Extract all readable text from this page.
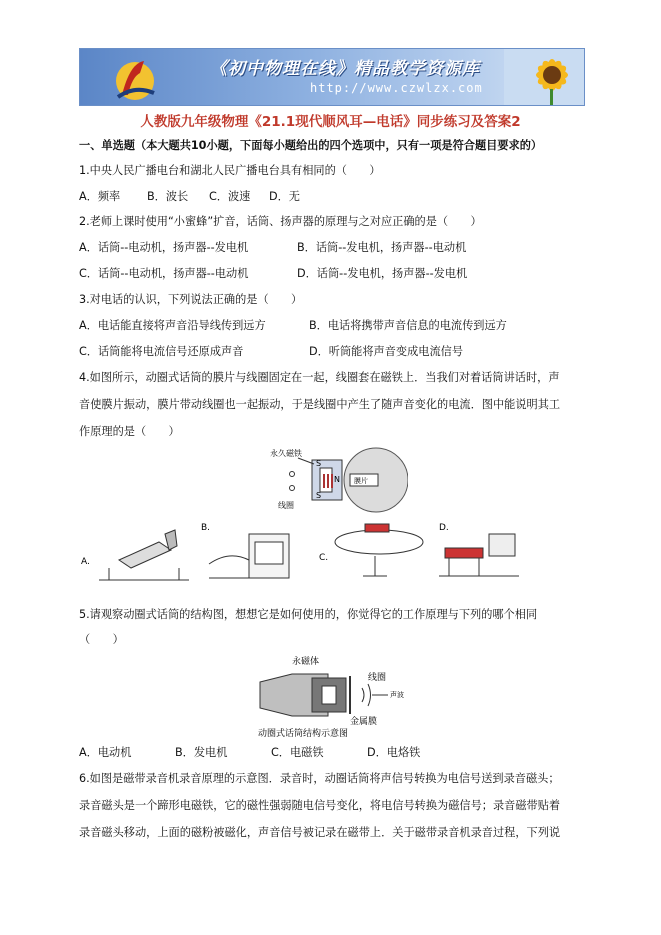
《初中物理在线》精品教学资源库
http://www.czwlzx.com
人教版九年级物理《21.1现代顺风耳—电话》同步练习及答案2
一、单选题（本大题共10小题，下面每小题给出的四个选项中，只有一项是符合题目要求的）
1.中央人民广播电台和湖北人民广播电台具有相同的（　　）
A．频率 B．波长 C．波速 D．无
2.老师上课时使用“小蜜蜂”扩音，话筒、扬声器的原理与之对应正确的是（　　）
A．话筒--电动机，扬声器--发电机	B．话筒--发电机，扬声器--电动机
C．话筒--电动机，扬声器--电动机	D．话筒--发电机，扬声器--发电机
3.对电话的认识，下列说法正确的是（　　）
A．电话能直接将声音沿导线传到远方	B．电话将携带声音信息的电流传到远方
C．话筒能将电流信号还原成声音	D．听筒能将声音变成电流信号
4.如图所示，动圈式话筒的膜片与线圈固定在一起，线圈套在磁铁上．当我们对着话筒讲话时，声
音使膜片振动，膜片带动线圈也一起振动，于是线圈中产生了随声音变化的电流．图中能说明其工
作原理的是（　　）
S
S
N 膜片
永久磁铁
线圈
A.
B.
C.
D.
5.请观察动圈式话筒的结构图，想想它是如何使用的，你觉得它的工作原理与下列的哪个相同
（　　）
永磁体
线圈
声波
金属膜
动圈式话筒结构示意图
A．电动机	B．发电机	C．电磁铁	D．电烙铁
6.如图是磁带录音机录音原理的示意图．录音时，动圈话筒将声信号转换为电信号送到录音磁头；
录音磁头是一个蹄形电磁铁，它的磁性强弱随电信号变化，将电信号转换为磁信号；录音磁带贴着
录音磁头移动，上面的磁粉被磁化，声音信号被记录在磁带上．关于磁带录音机录音过程，下列说
